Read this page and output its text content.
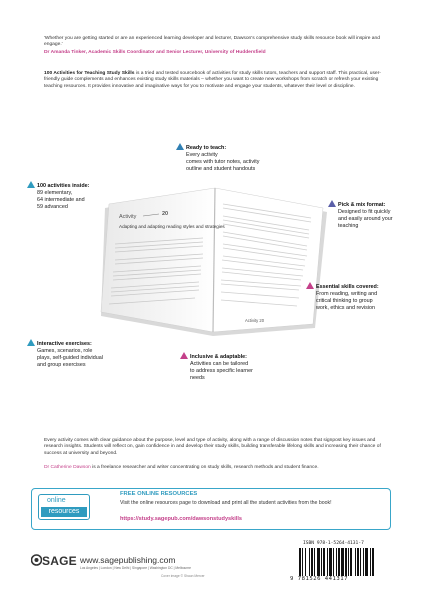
'Whether you are getting started or are an experienced learning developer and lecturer, Dawson's comprehensive study skills resource book will inspire and engage.'
Dr Amanda Tinker, Academic Skills Coordinator and Senior Lecturer, University of Huddersfield
100 Activities for Teaching Study Skills is a tried and tested sourcebook of activities for study skills tutors, teachers and support staff. This practical, user-friendly guide complements and enhances existing study skills materials – whether you want to create new workshops from scratch or refresh your existing teaching resources. It provides innovative and imaginative ways for you to motivate and engage your students, whatever their level or discipline.
Activity	20
Adapting and adapting reading styles and strategies
Activity 20
Ready to teach:
Every activity
comes with tutor notes, activity
outline and student handouts
100 activities inside:
89 elementary,
64 intermediate and
59 advanced	Pick & mix format:
Designed to fit quickly
and easily around your
teaching
Essential skills covered:
From reading, writing and
critical thinking to group
work, ethics and revision
Interactive exercises:
Games, scenarios, role
plays, self-guided individual
and group exercises
Inclusive & adaptable:
Activities can be tailored
to address specific learner
needs
Every activity comes with clear guidance about the purpose, level and type of activity, along with a range of discussion notes that signpost key issues and research insights. Students will reflect on, gain confidence in and develop their study skills, building transferable lifelong skills and increasing their chance of success at university and beyond.
Dr Catherine Dawson is a freelance researcher and writer concentrating on study skills, research methods and student finance.
online
resources
FREE ONLINE RESOURCES
Visit the online resources page to download and print all the student activities from the book!
https://study.sagepub.com/dawsonstudyskills
SAGE www.sagepublishing.com
Los Angeles | London | New Delhi | Singapore | Washington DC | Melbourne
Cover image © Shaun Mercer
ISBN 978-1-5264-4131-7
9 781526 441317
